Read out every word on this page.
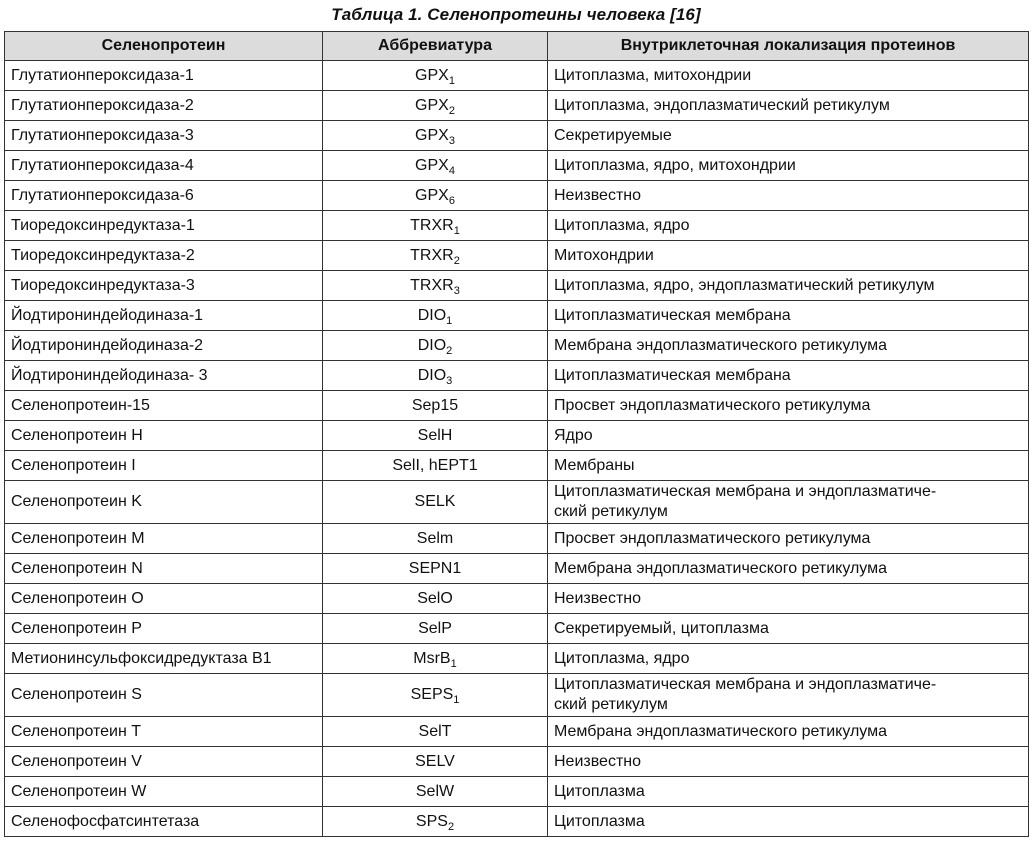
Таблица 1. Селенопротеины человека [16]
Селенопротеин	Аббревиатура	Внутриклеточная локализация протеинов

Глутатионпероксидаза-1	$GPX_1$	Цитоплазма, митохондрии

Глутатионпероксидаза-2	$GPX_2$	Цитоплазма, эндоплазматический ретикулум

Глутатионпероксидаза-3	$GPX_3$	Секретируемые

Глутатионпероксидаза-4	$GPX_4$	Цитоплазма, ядро, митохондрии

Глутатионпероксидаза-6	$GPX_6$	Неизвестно

Тиоредоксинредуктаза-1	$TRXR_1$	Цитоплазма, ядро

Тиоредоксинредуктаза-2	$TRXR_2$	Митохондрии

Тиоредоксинредуктаза-3	$TRXR_3$	Цитоплазма, ядро, эндоплазматический ретикулум

Йодтирониндейодиназа-1	$DIO_1$	Цитоплазматическая мембрана

Йодтирониндейодиназа-2	$DIO_2$	Мембрана эндоплазматического ретикулума

Йодтирониндейодиназа- 3	$DIO_3$	Цитоплазматическая мембрана

Селенопротеин-15	Sep15	Просвет эндоплазматического ретикулума

Селенопротеин H	SelH	Ядро

Селенопротеин I	SelI, hEPT1	Мембраны

Селенопротеин K	SELK	Цитоплазматическая мембрана и эндоплазматиче-
ский ретикулум

Селенопротеин M	Selm	Просвет эндоплазматического ретикулума

Селенопротеин N	SEPN1	Мембрана эндоплазматического ретикулума

Селенопротеин O	SelO	Неизвестно

Селенопротеин P	SelP	Секретируемый, цитоплазма

Метионинсульфоксидредуктаза B1	MsrB$_1$	Цитоплазма, ядро

Селенопротеин S	$SEPS_1$	Цитоплазматическая мембрана и эндоплазматиче-
ский ретикулум

Селенопротеин T	SelT	Мембрана эндоплазматического ретикулума

Селенопротеин V	SELV	Неизвестно

Селенопротеин W	SelW	Цитоплазма

Селенофосфатсинтетаза	$SPS_2$	Цитоплазма
